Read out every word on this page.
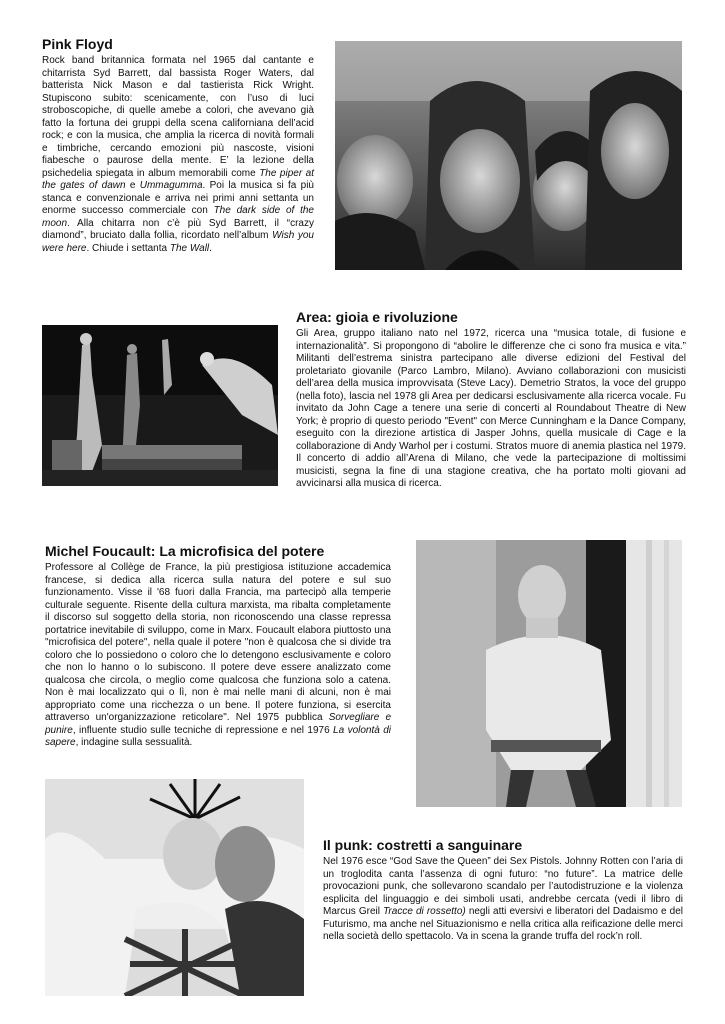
Pink Floyd

Rock band britannica formata nel 1965 dal cantante e chitarrista Syd Barrett, dal bassista Roger Waters, dal batterista Nick Mason e dal tastierista Rick Wright. Stupiscono subito: scenicamente, con l’uso di luci stroboscopiche, di quelle amebe a colori, che avevano già fatto la fortuna dei gruppi della scena californiana dell’acid rock; e con la musica, che amplia la ricerca di novità formali e timbriche, cercando emozioni più nascoste, visioni fiabesche o paurose della mente. E’ la lezione della psichedelia spiegata in album memorabili come The piper at the gates of dawn e Ummagumma. Poi la musica si fa più stanca e convenzionale e arriva nei primi anni settanta un enorme successo commerciale con The dark side of the moon. Alla chitarra non c’è più Syd Barrett, il “crazy diamond”, bruciato dalla follia, ricordato nell’album Wish you were here. Chiude i settanta The Wall.

Area: gioia e rivoluzione

Gli Area, gruppo italiano nato nel 1972, ricerca una “musica totale, di fusione e internazionalità”. Si propongono di “abolire le differenze che ci sono fra musica e vita.” Militanti dell’estrema sinistra partecipano alle diverse edizioni del Festival del proletariato giovanile (Parco Lambro, Milano). Avviano collaborazioni con musicisti dell’area della musica improvvisata (Steve Lacy). Demetrio Stratos, la voce del gruppo (nella foto), lascia nel 1978 gli Area per dedicarsi esclusivamente alla ricerca vocale. Fu invitato da John Cage a tenere una serie di concerti al Roundabout Theatre di New York; è proprio di questo periodo "Event" con Merce Cunningham e la Dance Company, eseguito con la direzione artistica di Jasper Johns, quella musicale di Cage e la collaborazione di Andy Warhol per i costumi. Stratos muore di anemia plastica nel 1979. Il concerto di addio all’Arena di Milano, che vede la partecipazione di moltissimi musicisti, segna la fine di una stagione creativa, che ha portato molti giovani ad avvicinarsi alla musica di ricerca.

Michel Foucault: La microfisica del potere

Professore al Collège de France, la più prestigiosa istituzione accademica francese, si dedica alla ricerca sulla natura del potere e sul suo funzionamento. Visse il '68 fuori dalla Francia, ma partecipò alla temperie culturale seguente. Risente della cultura marxista, ma ribalta completamente il discorso sul soggetto della storia, non riconoscendo una classe repressa portatrice inevitabile di sviluppo, come in Marx. Foucault elabora piuttosto una "microfisica del potere", nella quale il potere "non è qualcosa che si divide tra coloro che lo possiedono o coloro che lo detengono esclusivamente e coloro che non lo hanno o lo subiscono. Il potere deve essere analizzato come qualcosa che circola, o meglio come qualcosa che funziona solo a catena. Non è mai localizzato qui o lì, non è mai nelle mani di alcuni, non è mai appropriato come una ricchezza o un bene. Il potere funziona, si esercita attraverso un'organizzazione reticolare". Nel 1975 pubblica Sorvegliare e punire, influente studio sulle tecniche di repressione e nel 1976 La volontà di sapere, indagine sulla sessualità.

Il punk: costretti a sanguinare

Nel 1976 esce “God Save the Queen” dei Sex Pistols. Johnny Rotten con l’aria di un troglodita canta l’assenza di ogni futuro: “no future”. La matrice delle provocazioni punk, che sollevarono scandalo per l’autodistruzione e la violenza esplicita del linguaggio e dei simboli usati, andrebbe cercata (vedi il libro di Marcus Greil Tracce di rossetto) negli atti eversivi e liberatori del Dadaismo e del Futurismo, ma anche nel Situazionismo e nella critica alla reificazione delle merci nella società dello spettacolo. Va in scena la grande truffa del rock’n roll.
